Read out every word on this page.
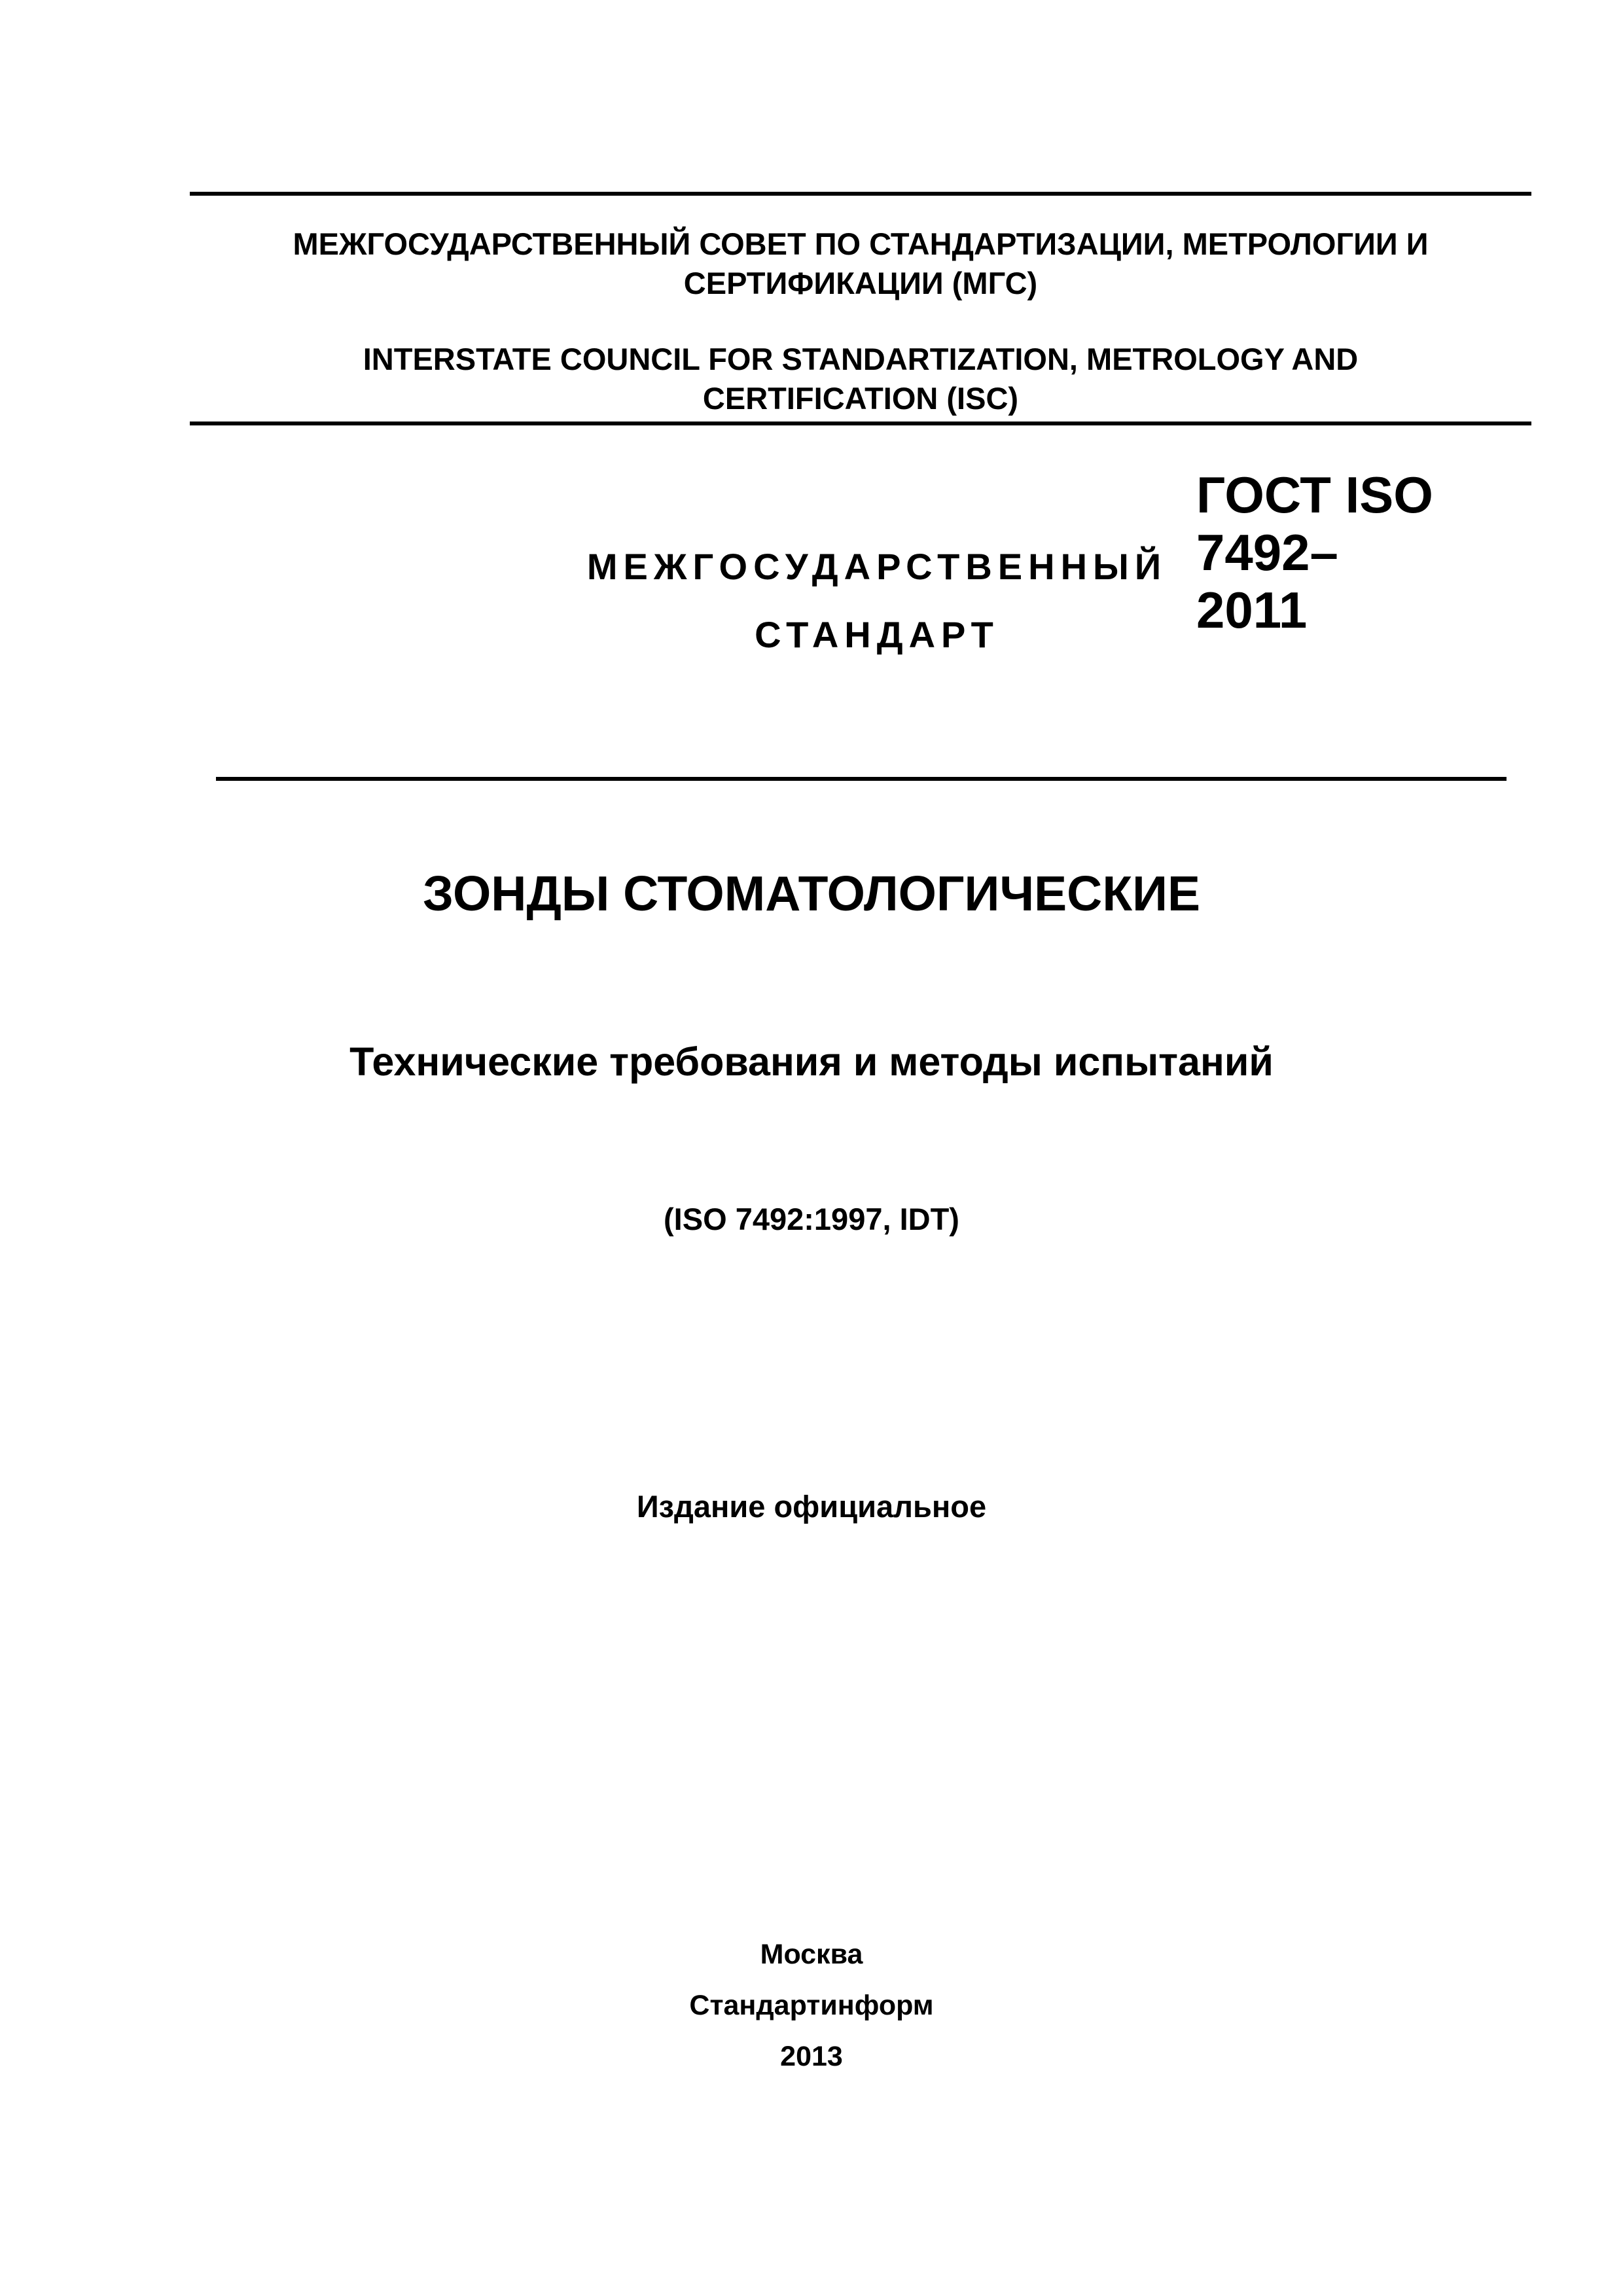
МЕЖГОСУДАРСТВЕННЫЙ СОВЕТ ПО СТАНДАРТИЗАЦИИ, МЕТРОЛОГИИ И
СЕРТИФИКАЦИИ (МГС)
INTERSTATE COUNCIL FOR STANDARTIZATION, METROLOGY AND
CERTIFICATION (ISC)
МЕЖГОСУДАРСТВЕННЫЙ
СТАНДАРТ
ГОСТ ISO
7492–
2011
ЗОНДЫ СТОМАТОЛОГИЧЕСКИЕ
Технические требования и методы испытаний
(ISO 7492:1997, IDT)
Издание официальное
Москва
Стандартинформ
2013
